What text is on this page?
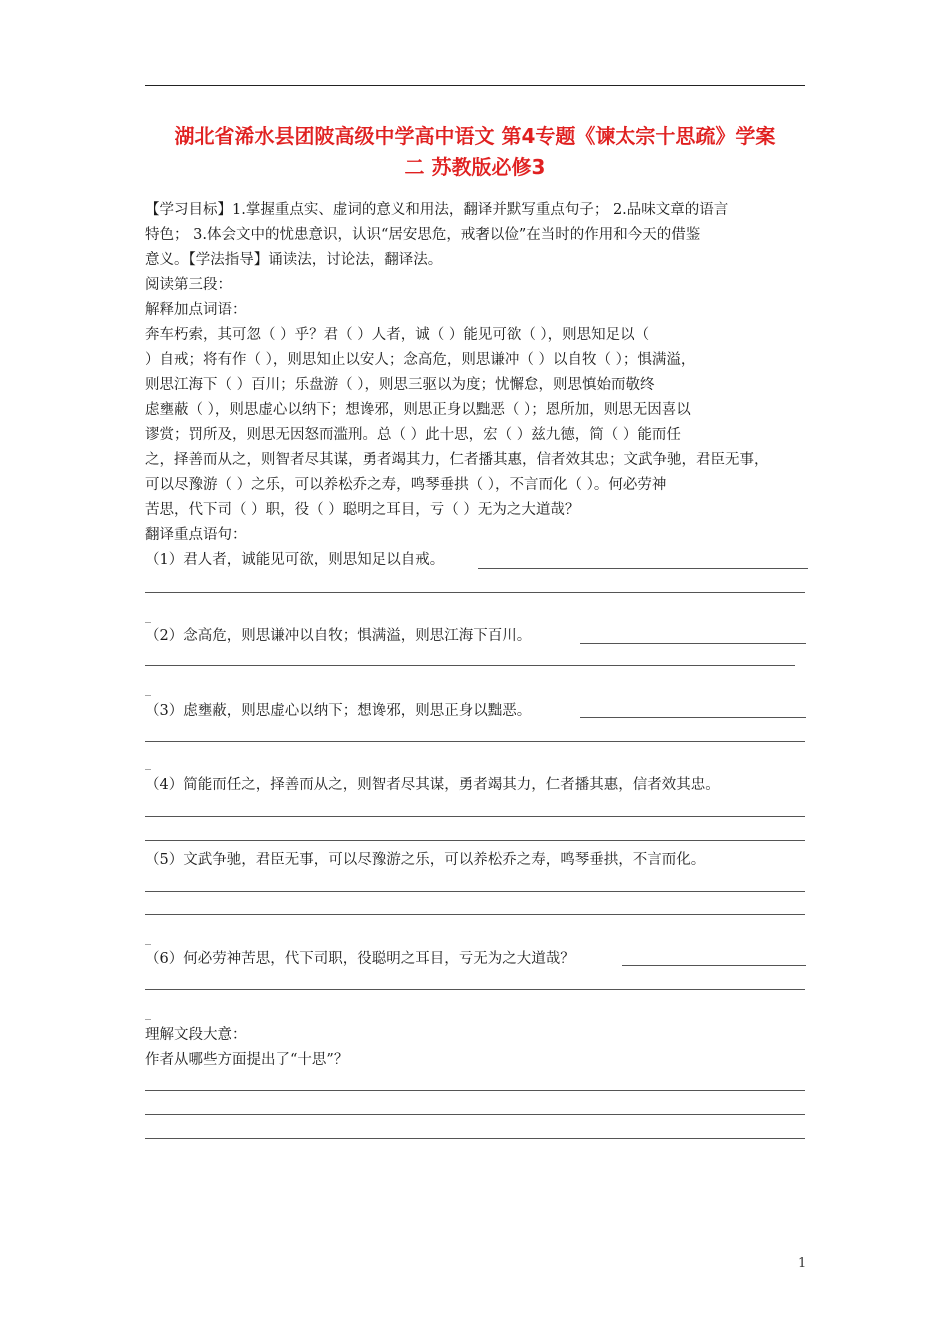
湖北省浠水县团陂高级中学高中语文 第4专题《谏太宗十思疏》学案
二 苏教版必修3
【学习目标】1.掌握重点实、虚词的意义和用法，翻译并默写重点句子； 2.品味文章的语言
特色； 3.体会文中的忧患意识，认识“居安思危，戒奢以俭”在当时的作用和今天的借鉴
意义。【学法指导】诵读法，讨论法，翻译法。
阅读第三段：
解释加点词语：
奔车朽索，其可忽（ ）乎？君（ ）人者，诚（ ）能见可欲（ ），则思知足以（
）自戒；将有作（ ），则思知止以安人；念高危，则思谦冲（ ）以自牧（ ）；惧满溢，
则思江海下（ ）百川；乐盘游（ ），则思三驱以为度；忧懈怠，则思慎始而敬终
虑壅蔽（ ），则思虚心以纳下；想谗邪，则思正身以黜恶（ ）；恩所加，则思无因喜以
谬赏；罚所及，则思无因怒而滥刑。总（ ）此十思，宏（ ）兹九德，简（ ）能而任
之，择善而从之，则智者尽其谋，勇者竭其力，仁者播其惠，信者效其忠；文武争驰，君臣无事，
可以尽豫游（ ）之乐，可以养松乔之寿，鸣琴垂拱（ ），不言而化（ ）。何必劳神
苦思，代下司（ ）职，役（ ）聪明之耳目，亏（ ）无为之大道哉？
翻译重点语句：
（1）君人者，诚能见可欲，则思知足以自戒。
_
（2）念高危，则思谦冲以自牧；惧满溢，则思江海下百川。
_
（3）虑壅蔽，则思虚心以纳下；想谗邪，则思正身以黜恶。
_
（4）简能而任之，择善而从之，则智者尽其谋，勇者竭其力，仁者播其惠，信者效其忠。
（5）文武争驰，君臣无事，可以尽豫游之乐，可以养松乔之寿，鸣琴垂拱，不言而化。
_
（6）何必劳神苦思，代下司职，役聪明之耳目，亏无为之大道哉？
_
理解文段大意：
作者从哪些方面提出了“十思”？
1
